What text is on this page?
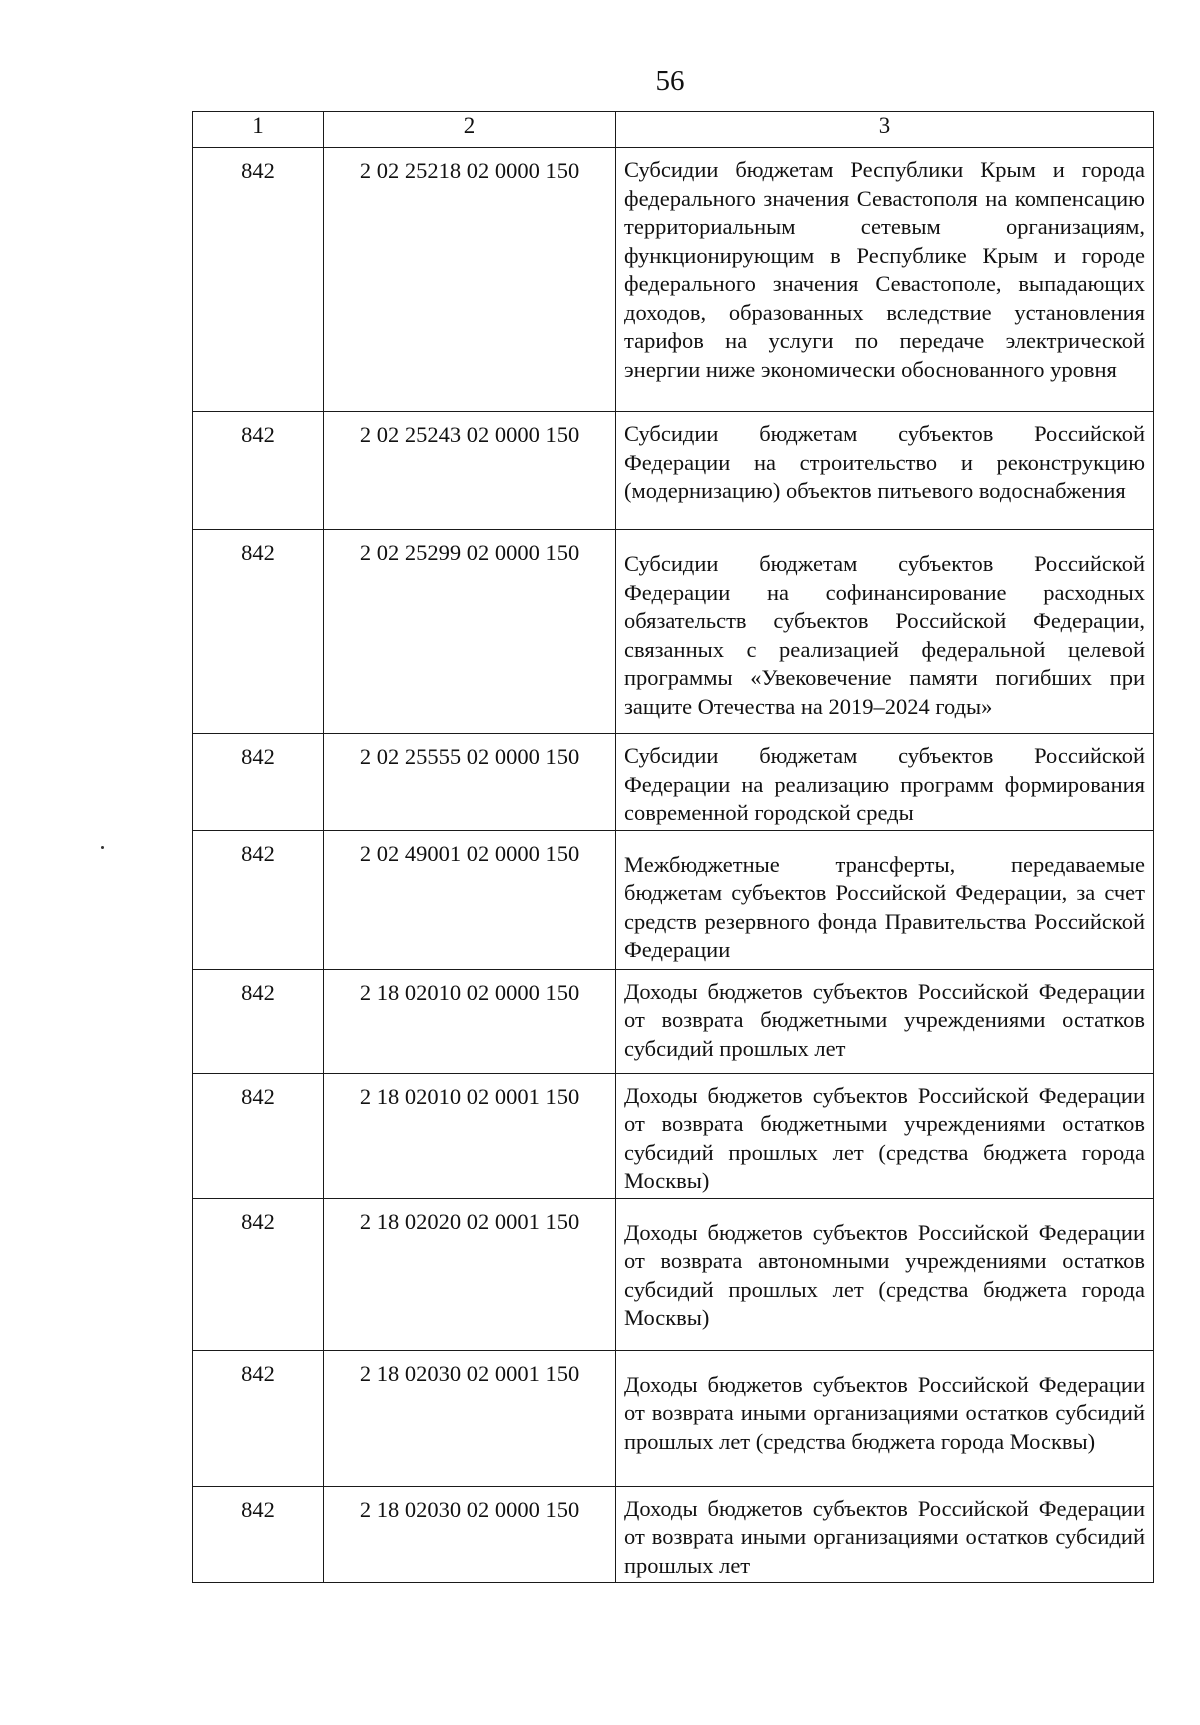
56
1	2	3
842	2 02 25218 02 0000 150	Субсидии бюджетам Республики Крым и города федерального значения Севастополя на компенсацию территориальным сетевым организациям, функционирующим в Республике Крым и городе федерального значения Севастополе, выпадающих доходов, образованных вследствие установления тарифов на услуги по передаче электрической энергии ниже экономически обоснованного уровня
842	2 02 25243 02 0000 150	Субсидии бюджетам субъектов Российской Федерации на строительство и реконструкцию (модернизацию) объектов питьевого водоснабжения
842	2 02 25299 02 0000 150	Субсидии бюджетам субъектов Российской Федерации на софинансирование расходных обязательств субъектов Российской Федерации, связанных с реализацией федеральной целевой программы «Увековечение памяти погибших при защите Отечества на 2019–2024 годы»
842	2 02 25555 02 0000 150	Субсидии бюджетам субъектов Российской Федерации на реализацию программ формирования современной городской среды
842	2 02 49001 02 0000 150	Межбюджетные трансферты, передаваемые бюджетам субъектов Российской Федерации, за счет средств резервного фонда Правительства Российской Федерации
842	2 18 02010 02 0000 150	Доходы бюджетов субъектов Российской Федерации от возврата бюджетными учреждениями остатков субсидий прошлых лет
842	2 18 02010 02 0001 150	Доходы бюджетов субъектов Российской Федерации от возврата бюджетными учреждениями остатков субсидий прошлых лет (средства бюджета города Москвы)
842	2 18 02020 02 0001 150	Доходы бюджетов субъектов Российской Федерации от возврата автономными учреждениями остатков субсидий прошлых лет (средства бюджета города Москвы)
842	2 18 02030 02 0001 150	Доходы бюджетов субъектов Российской Федерации от возврата иными организациями остатков субсидий прошлых лет (средства бюджета города Москвы)
842	2 18 02030 02 0000 150	Доходы бюджетов субъектов Российской Федерации от возврата иными организациями остатков субсидий прошлых лет
